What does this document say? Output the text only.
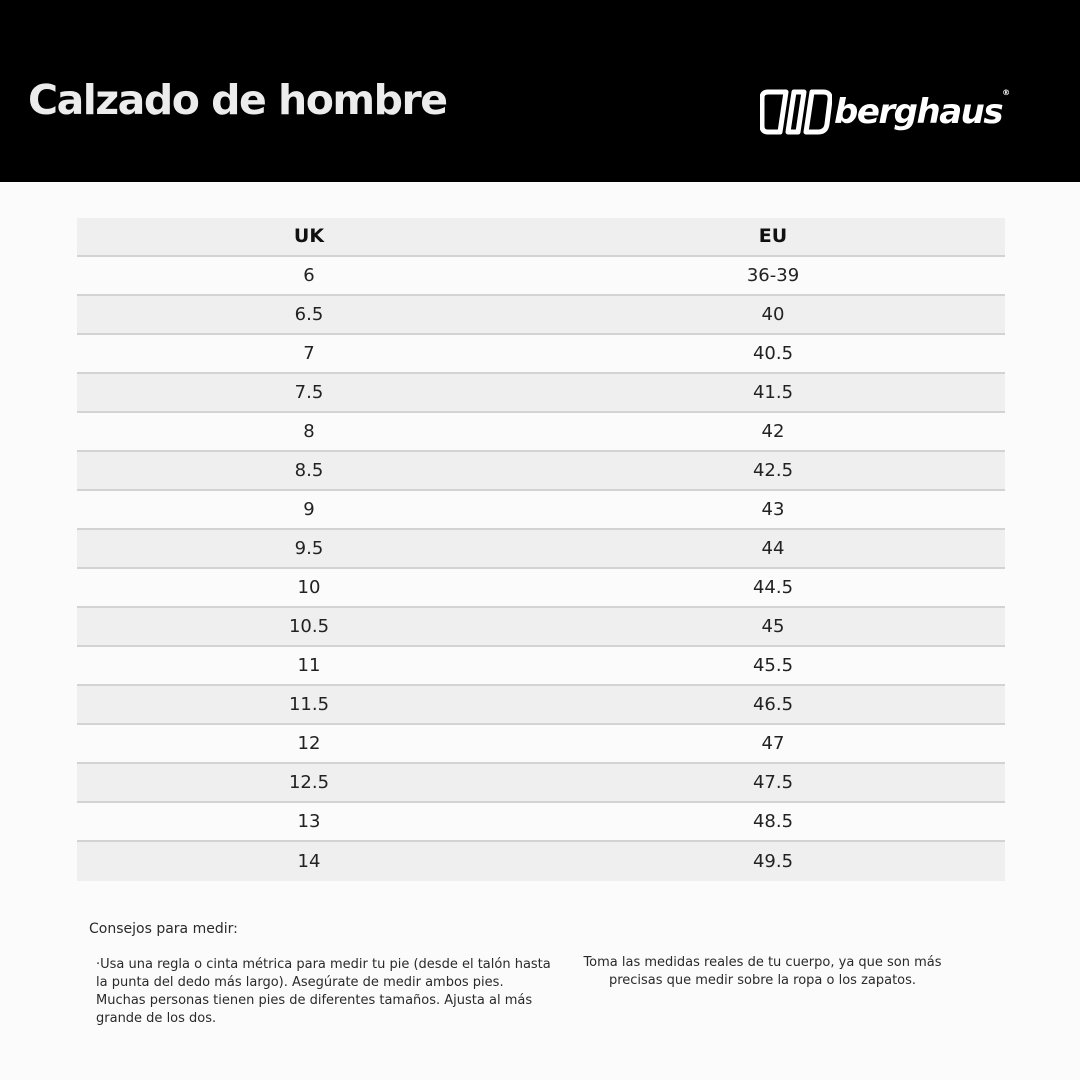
Calzado de hombre	berghaus ®
UK	EU
6	36-39
6.5	40
7	40.5
7.5	41.5
8	42
8.5	42.5
9	43
9.5	44
10	44.5
10.5	45
11	45.5
11.5	46.5
12	47
12.5	47.5
13	48.5
14	49.5
Consejos para medir:
·Usa una regla o cinta métrica para medir tu pie (desde el talón hasta la punta del dedo más largo). Asegúrate de medir ambos pies. Muchas personas tienen pies de diferentes tamaños. Ajusta al más grande de los dos.
Toma las medidas reales de tu cuerpo, ya que son más precisas que medir sobre la ropa o los zapatos.
